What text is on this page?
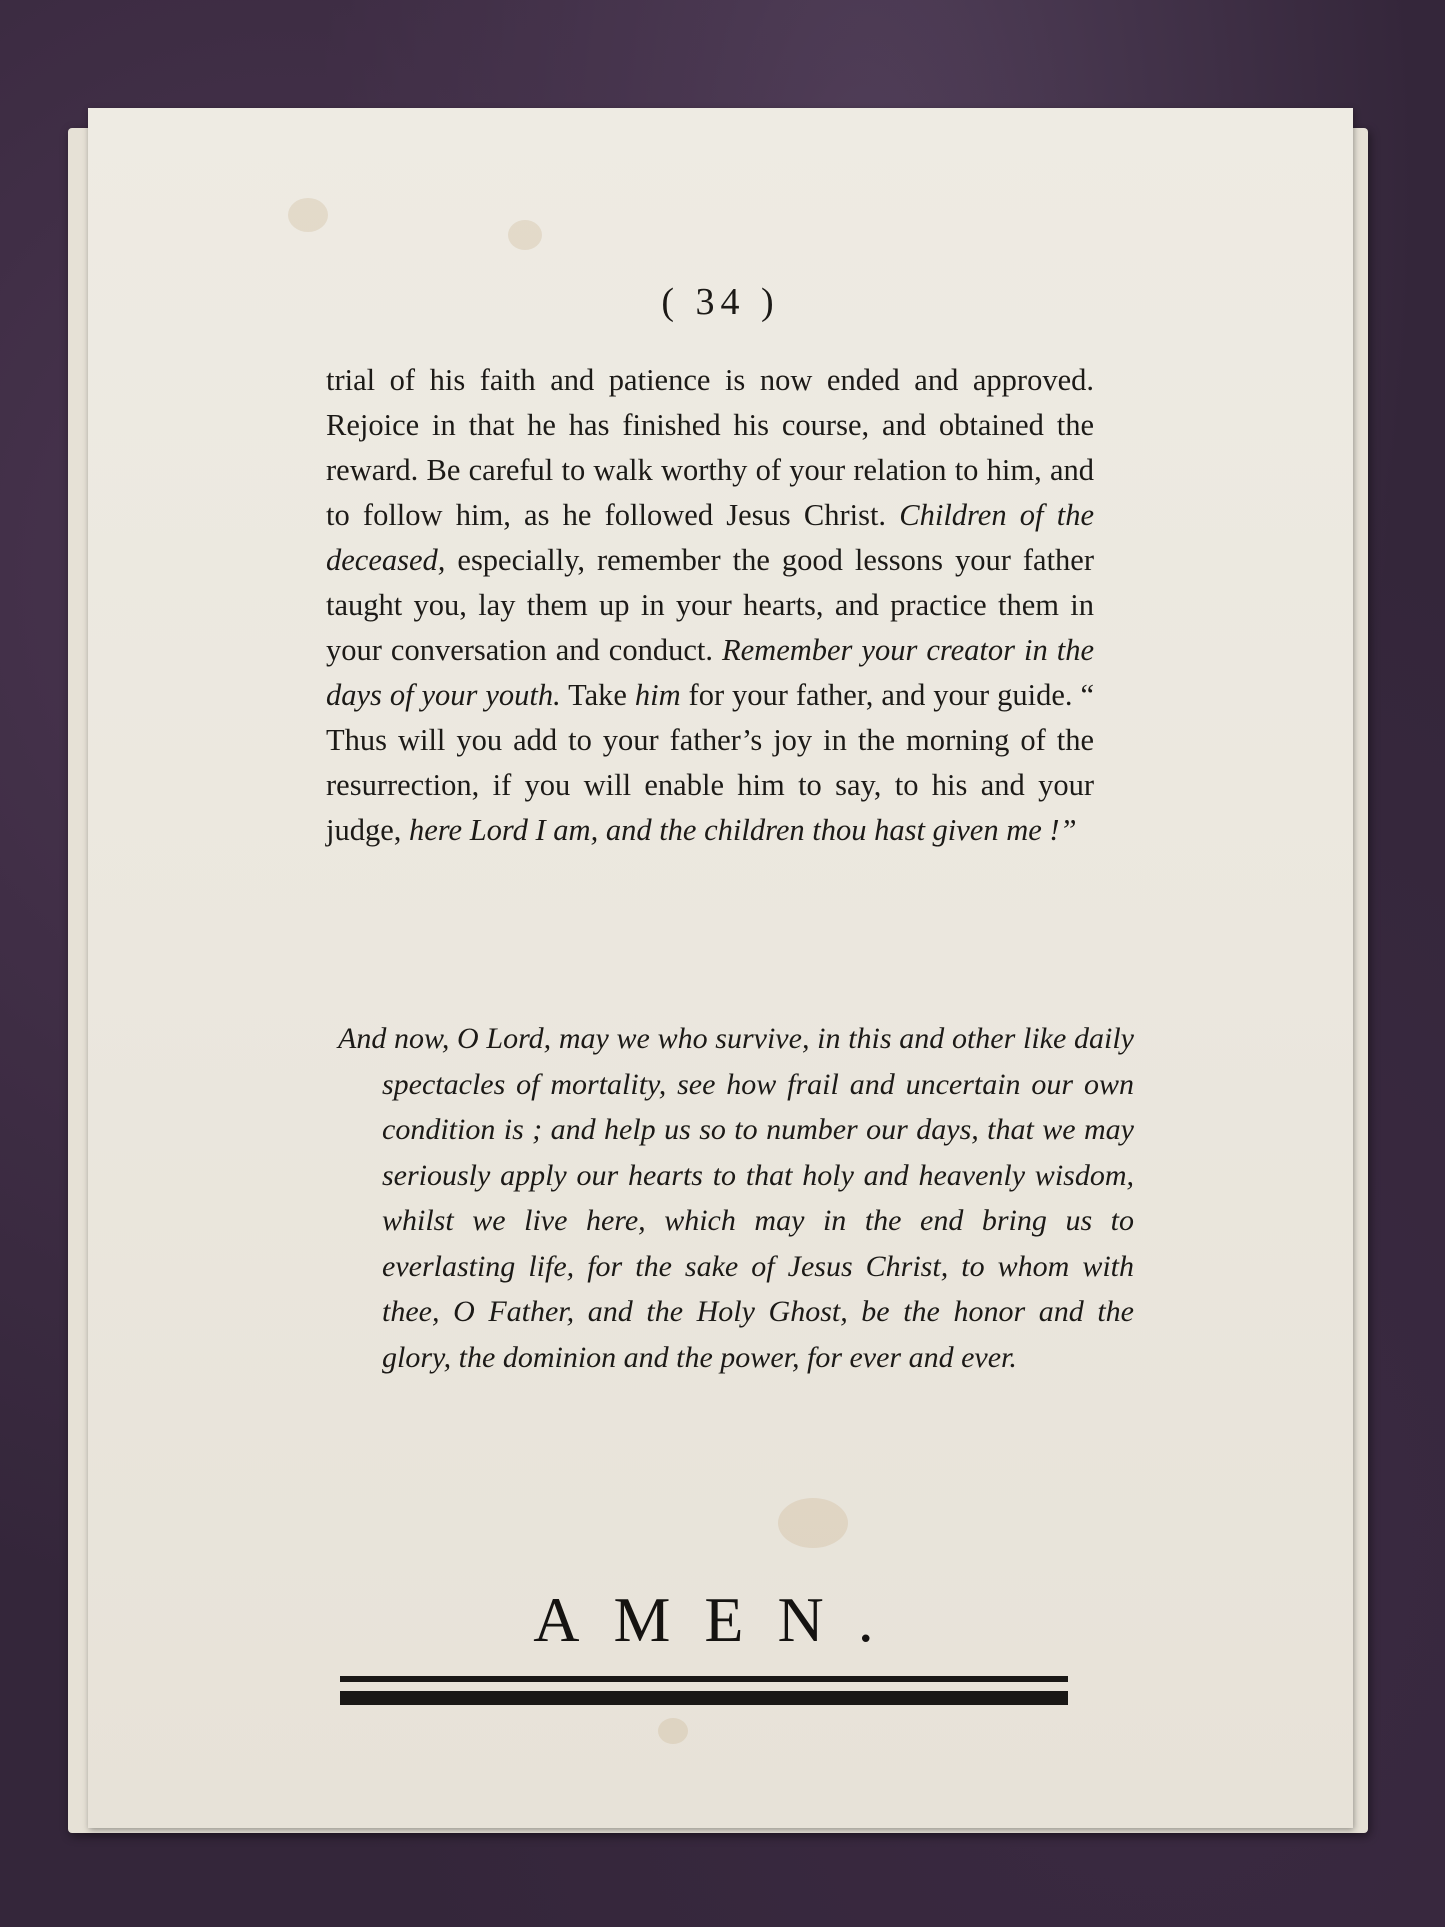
( 34 )

trial of his faith and patience is now ended and approved. Rejoice in that he has finished his course, and obtained the reward. Be careful to walk worthy of your relation to him, and to follow him, as he followed Jesus Christ. Children of the deceased, especially, remember the good lessons your father taught you, lay them up in your hearts, and practice them in your conversation and conduct. Remember your creator in the days of your youth. Take him for your father, and your guide. “ Thus will you add to your father’s joy in the morning of the resurrection, if you will enable him to say, to his and your judge, here Lord I am, and the children thou hast given me !”

And now, O Lord, may we who survive, in this and other like daily spectacles of mortality, see how frail and uncertain our own condition is ; and help us so to number our days, that we may seriously apply our hearts to that holy and heavenly wisdom, whilst we live here, which may in the end bring us to everlasting life, for the sake of Jesus Christ, to whom with thee, O Father, and the Holy Ghost, be the honor and the glory, the dominion and the power, for ever and ever.

AMEN.
